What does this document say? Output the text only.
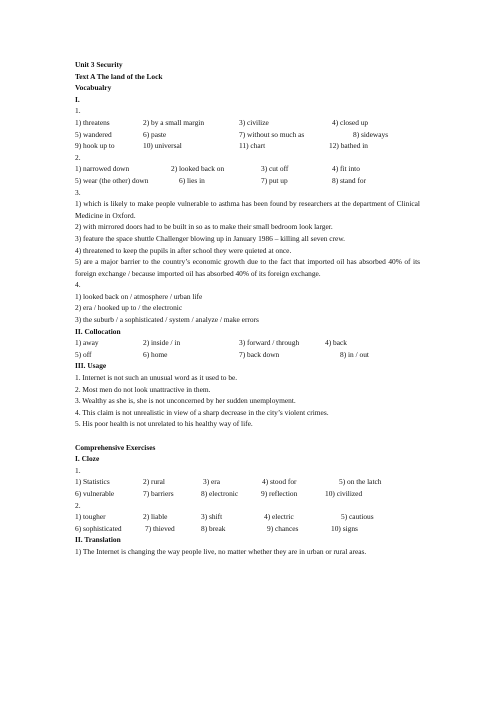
Unit 3 Security
Text A The land of the Lock
Vocabualry
I.
1.
1) threatens	2) by a small margin	3) civilize	4) closed up
5) wandered	6) paste	7) without so much as	8) sideways
9) hook up to	10) universal	11) chart	12) bathed in
2.
1) narrowed down	2) looked back on	3) cut off	4) fit into
5) wear (the other) down	6) lies in	7) put up	8) stand for
3.
1) which is likely to make people vulnerable to asthma has been found by researchers at the department of Clinical Medicine in Oxford.
2) with mirrored doors had to be built in so as to make their small bedroom look larger.
3) feature the space shuttle Challenger blowing up in January 1986 – killing all seven crew.
4) threatened to keep the pupils in after school they were quieted at once.
5) are a major barrier to the country’s economic growth due to the fact that imported oil has absorbed 40% of its foreign exchange / because imported oil has absorbed 40% of its foreign exchange.
4.
1) looked back on / atmosphere / urban life
2) era / hooked up to / the electronic
3) the suburb / a sophisticated / system / analyze / make errors
II. Collocation
1) away	2) inside / in	3) forward / through	4) back
5) off	6) home	7) back down	8) in / out
III. Usage
1. Internet is not such an unusual word as it used to be.
2. Most men do not look unattractive in them.
3. Wealthy as she is, she is not unconcerned by her sudden unemployment.
4. This claim is not unrealistic in view of a sharp decrease in the city’s violent crimes.
5. His poor health is not unrelated to his healthy way of life.
Comprehensive Exercises
I. Cloze
1.
1) Statistics	2) rural	3) era	4) stood for	5) on the latch
6) vulnerable	7) barriers	8) electronic	9) reflection	10) civilized
2.
1) tougher	2) liable	3) shift	4) electric	5) cautious
6) sophisticated	7) thieved	8) break	9) chances	10) signs
II. Translation
1) The Internet is changing the way people live, no matter whether they are in urban or rural areas.
